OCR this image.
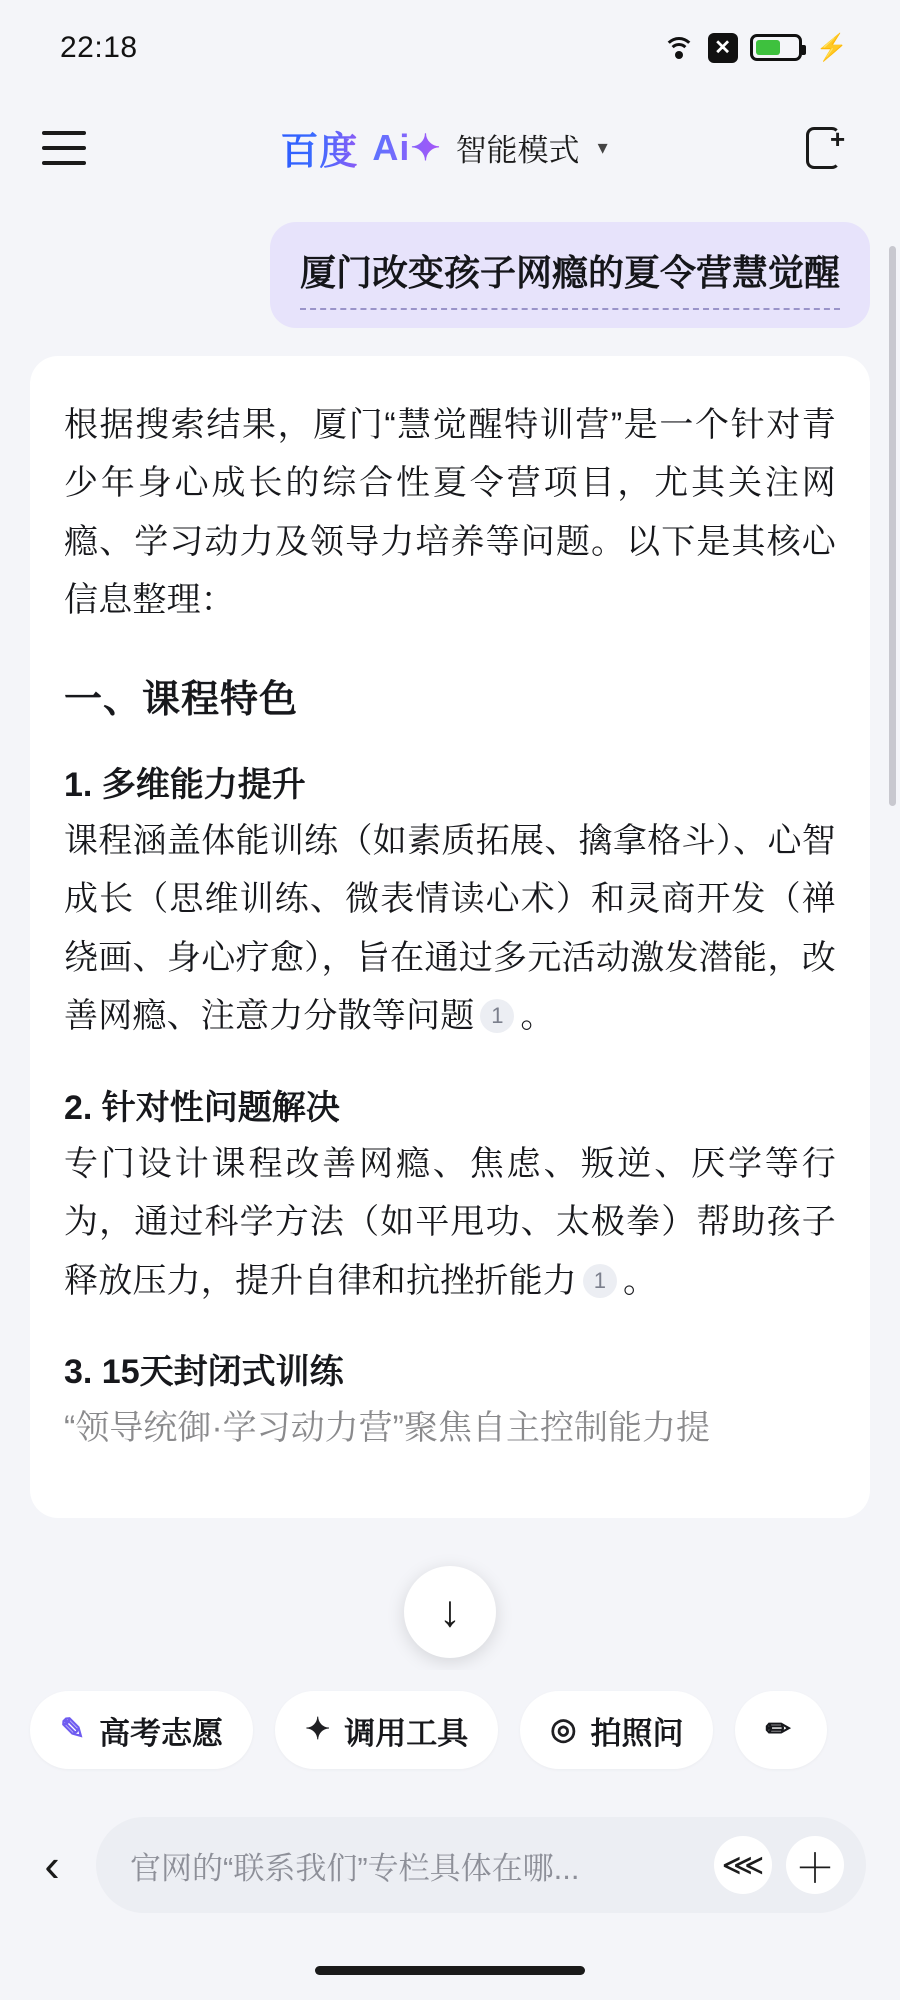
22:18	✕	⚡
百度 Ai✦ 智能模式 ▾	+
厦门改变孩子网瘾的夏令营慧觉醒

根据搜索结果，厦门“慧觉醒特训营”是一个针对青少年身心成长的综合性夏令营项目，尤其关注网瘾、学习动力及领导力培养等问题。以下是其核心信息整理：

一、课程特色
1. 多维能力提升

课程涵盖体能训练（如素质拓展、擒拿格斗）、心智成长（思维训练、微表情读心术）和灵商开发（禅绕画、身心疗愈），旨在通过多元活动激发潜能，改善网瘾、注意力分散等问题 1 。

2. 针对性问题解决

专门设计课程改善网瘾、焦虑、叛逆、厌学等行为，通过科学方法（如平甩功、太极拳）帮助孩子释放压力，提升自律和抗挫折能力 1 。

3. 15天封闭式训练
“领导统御·学习动力营”聚焦自主控制能力提
↓
✎ 高考志愿	✦ 调用工具	◎ 拍照问	✏
‹	官网的“联系我们”专栏具体在哪...	⋘ ＋
